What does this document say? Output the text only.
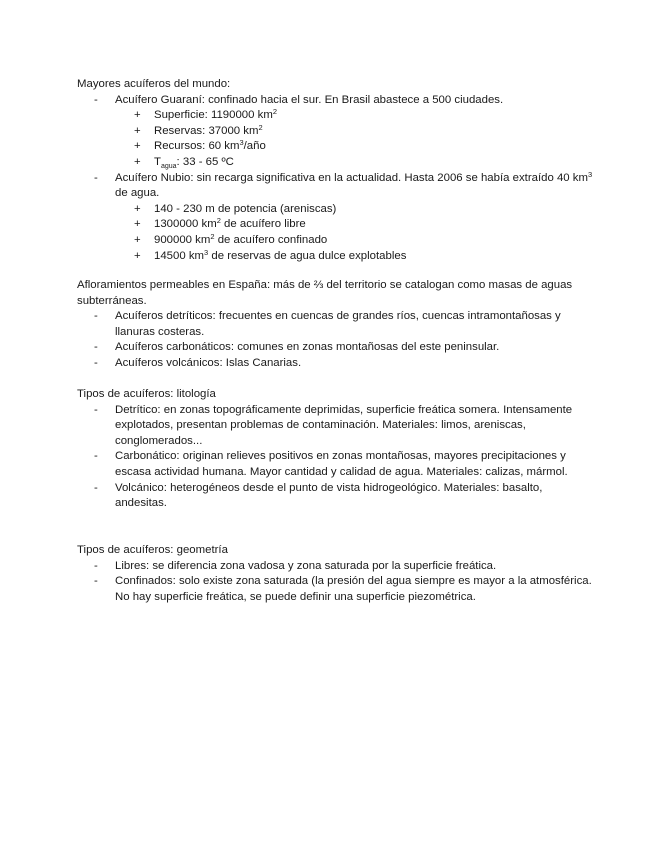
Mayores acuíferos del mundo:

- Acuífero Guaraní: confinado hacia el sur. En Brasil abastece a 500 ciudades.
+ Superficie: 1190000 $km^2$
+ Reservas: 37000 $km^2$
+ Recursos: 60 $km^3$/año
+ $T_{agua}$: 33 - 65 ºC
- Acuífero Nubio: sin recarga significativa en la actualidad. Hasta 2006 se había extraído 40 $km^3$ de agua.
+ 140 - 230 m de potencia (areniscas)
+ 1300000 $km^2$ de acuífero libre
+ 900000 $km^2$ de acuífero confinado
+ 14500 $km^3$ de reservas de agua dulce explotables

Afloramientos permeables en España: más de ⅔ del territorio se catalogan como masas de aguas subterráneas.

- Acuíferos detríticos: frecuentes en cuencas de grandes ríos, cuencas intramontañosas y llanuras costeras.
- Acuíferos carbonáticos: comunes en zonas montañosas del este peninsular.
- Acuíferos volcánicos: Islas Canarias.

Tipos de acuíferos: litología

- Detrítico: en zonas topográficamente deprimidas, superficie freática somera. Intensamente explotados, presentan problemas de contaminación. Materiales: limos, areniscas, conglomerados...
- Carbonático: originan relieves positivos en zonas montañosas, mayores precipitaciones y escasa actividad humana. Mayor cantidad y calidad de agua. Materiales: calizas, mármol.
- Volcánico: heterogéneos desde el punto de vista hidrogeológico. Materiales: basalto, andesitas.

Tipos de acuíferos: geometría

- Libres: se diferencia zona vadosa y zona saturada por la superficie freática.
- Confinados: solo existe zona saturada (la presión del agua siempre es mayor a la atmosférica. No hay superficie freática, se puede definir una superficie piezométrica.
